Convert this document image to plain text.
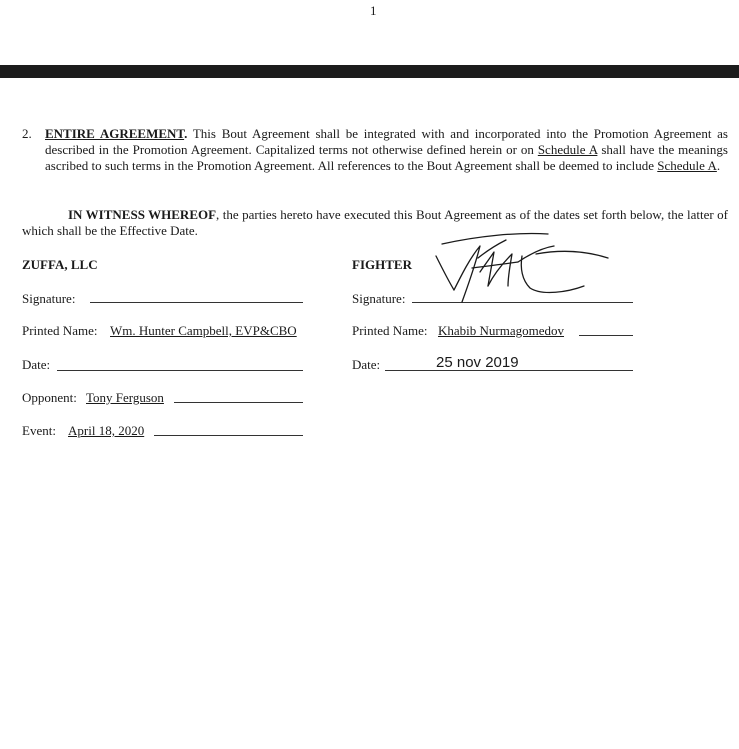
1
2. ENTIRE AGREEMENT. This Bout Agreement shall be integrated with and incorporated into the Promotion Agreement as described in the Promotion Agreement. Capitalized terms not otherwise defined herein or on Schedule A shall have the meanings ascribed to such terms in the Promotion Agreement. All references to the Bout Agreement shall be deemed to include Schedule A.
IN WITNESS WHEREOF, the parties hereto have executed this Bout Agreement as of the dates set forth below, the latter of which shall be the Effective Date.
ZUFFA, LLC
Signature:
Printed Name: Wm. Hunter Campbell, EVP&CBO
Date:
Opponent: Tony Ferguson
Event: April 18, 2020
FIGHTER
Signature:
Printed Name: Khabib Nurmagomedov
Date:	25 nov 2019
